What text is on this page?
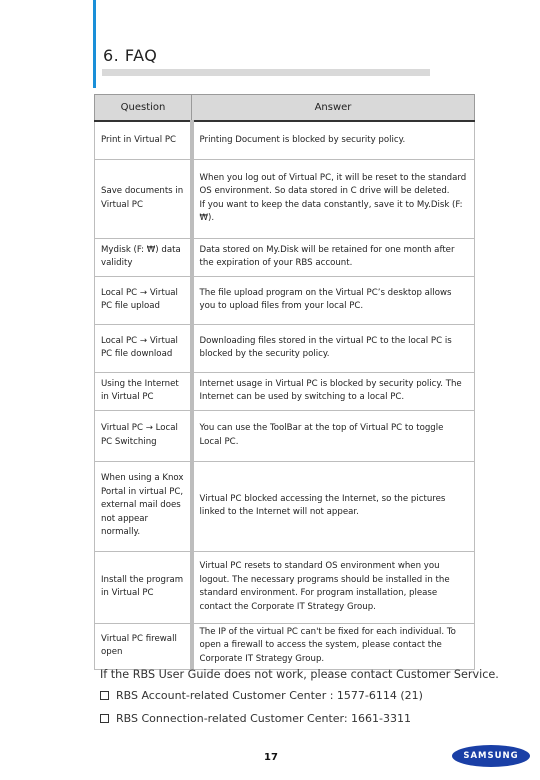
6. FAQ
Question	Answer
Print in Virtual PC	Printing Document is blocked by security policy.
Save documents in Virtual PC	When you log out of Virtual PC, it will be reset to the standard OS environment. So data stored in C drive will be deleted.
If you want to keep the data constantly, save it to My.Disk (F: ₩).
Mydisk (F: ₩) data validity	Data stored on My.Disk will be retained for one month after the expiration of your RBS account.
Local PC → Virtual PC file upload	The file upload program on the Virtual PC’s desktop allows you to upload files from your local PC.
Local PC → Virtual PC file download	Downloading files stored in the virtual PC to the local PC is blocked by the security policy.
Using the Internet in Virtual PC	Internet usage in Virtual PC is blocked by security policy. The Internet can be used by switching to a local PC.
Virtual PC → Local PC Switching	You can use the ToolBar at the top of Virtual PC to toggle Local PC.
When using a Knox Portal in virtual PC, external mail does not appear normally.	Virtual PC blocked accessing the Internet, so the pictures linked to the Internet will not appear.
Install the program in Virtual PC	Virtual PC resets to standard OS environment when you logout. The necessary programs should be installed in the standard environment. For program installation, please contact the Corporate IT Strategy Group.
Virtual PC firewall open	The IP of the virtual PC can't be fixed for each individual. To open a firewall to access the system, please contact the Corporate IT Strategy Group.
If the RBS User Guide does not work, please contact Customer Service.
RBS Account-related Customer Center : 1577-6114 (21)
RBS Connection-related Customer Center: 1661-3311
17	SAMSUNG
